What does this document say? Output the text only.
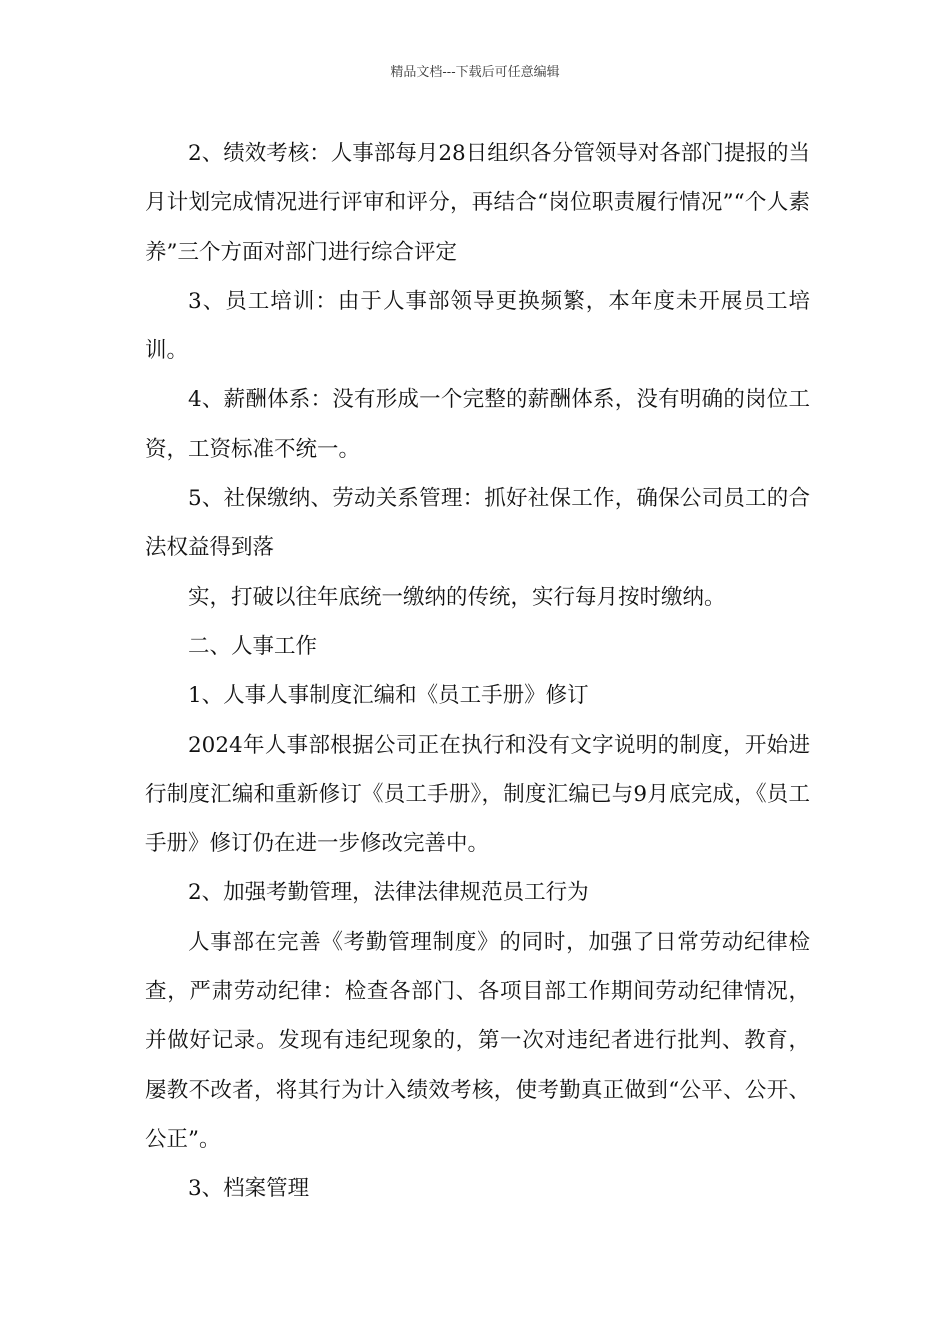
精品文档---下载后可任意编辑

2、绩效考核：人事部每月28日组织各分管领导对各部门提报的当月计划完成情况进行评审和评分，再结合“岗位职责履行情况”“个人素养”三个方面对部门进行综合评定

3、员工培训：由于人事部领导更换频繁，本年度未开展员工培训。

4、薪酬体系：没有形成一个完整的薪酬体系，没有明确的岗位工资，工资标准不统一。

5、社保缴纳、劳动关系管理：抓好社保工作，确保公司员工的合法权益得到落

实，打破以往年底统一缴纳的传统，实行每月按时缴纳。

二、人事工作

1、人事人事制度汇编和《员工手册》修订

2024年人事部根据公司正在执行和没有文字说明的制度，开始进行制度汇编和重新修订《员工手册》，制度汇编已与9月底完成，《员工手册》修订仍在进一步修改完善中。

2、加强考勤管理，法律法律规范员工行为

人事部在完善《考勤管理制度》的同时，加强了日常劳动纪律检查，严肃劳动纪律：检查各部门、各项目部工作期间劳动纪律情况，并做好记录。发现有违纪现象的，第一次对违纪者进行批判、教育，屡教不改者，将其行为计入绩效考核，使考勤真正做到“公平、公开、公正”。

3、档案管理
